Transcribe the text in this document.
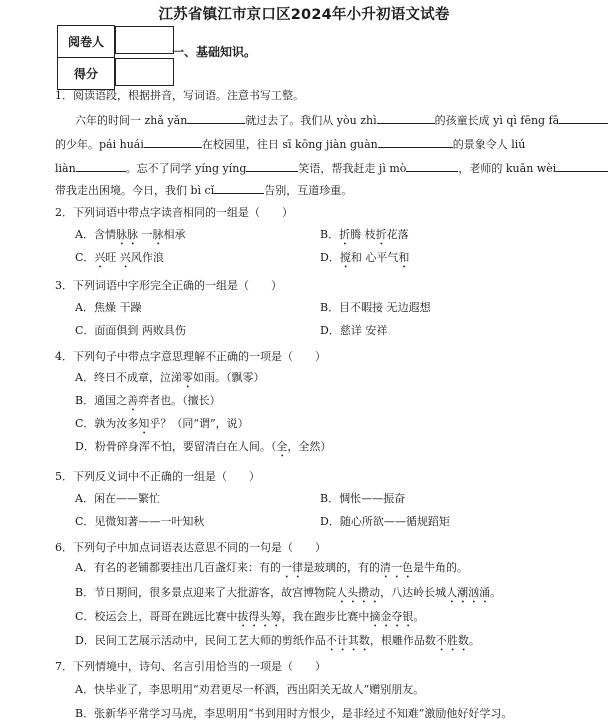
江苏省镇江市京口区2024年小升初语文试卷
阅卷人	
得分	
一、基础知识。
1．阅读语段，根据拼音，写词语。注意书写工整。
六年的时间一 zhǎ yǎn	就过去了。我们从 yòu zhì	的孩童长成 yì qì fēng fā
的少年。pái huái	在校园里，往日 sī kōng jiàn guàn	的景象令人 liú
liàn	。忘不了同学 yíng yíng	笑语，帮我赶走 jì mò	，老师的 kuān wèi
带我走出困境。今日，我们 bì cǐ	告别，互道珍重。
2．下列词语中带点字读音相同的一组是（　　）
A．含情脉脉 一脉相承	B．折腾 枝折花落
C．兴旺 兴风作浪	D．搅和 心平气和
3．下列词语中字形完全正确的一组是（　　）
A．焦燥 干躁	B．目不暇接 无边遐想
C．面面俱到 两败具伤	D．慈详 安祥
4．下列句子中带点字意思理解不正确的一项是（　　）
A．终日不成章，泣涕零如雨。（飘零）
B．通国之善弈者也。（擅长）
C．孰为汝多知乎？（同“谓”，说）
D．粉骨碎身浑不怕，要留清白在人间。（全，全然）
5．下列反义词中不正确的一组是（　　）
A．闲在——繁忙	B．惆怅——振奋
C．见微知著——一叶知秋	D．随心所欲——循规蹈矩
6．下列句子中加点词语表达意思不同的一句是（　　）
A．有名的老铺都要挂出几百盏灯来：有的一律是玻璃的，有的清一色是牛角的。
B．节日期间，很多景点迎来了大批游客，故宫博物院人头攒动，八达岭长城人潮汹涌。
C．校运会上，哥哥在跳远比赛中拔得头筹，我在跑步比赛中摘金夺银。
D．民间工艺展示活动中，民间工艺大师的剪纸作品不计其数，根雕作品数不胜数。
7．下列情境中，诗句、名言引用恰当的一项是（　　）
A．快毕业了，李思明用“劝君更尽一杯酒，西出阳关无故人”赠别朋友。
B．张新华平常学习马虎，李思明用“书到用时方恨少，是非经过不知难”激励他好好学习。
